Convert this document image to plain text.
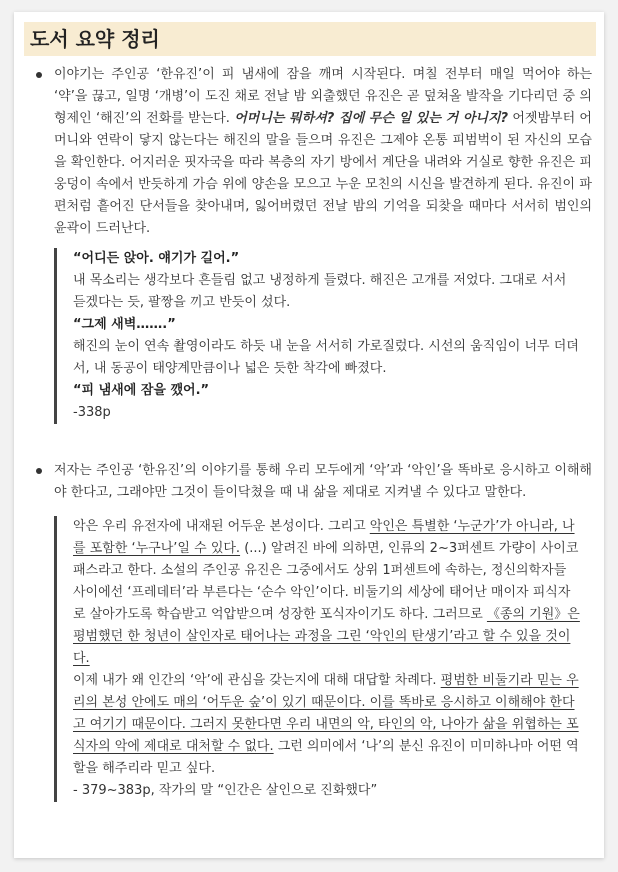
도서 요약 정리

이야기는 주인공 ‘한유진’이 피 냄새에 잠을 깨며 시작된다. 며칠 전부터 매일 먹어야 하는 ‘약’을 끊고, 일명 ‘개병’이 도진 채로 전날 밤 외출했던 유진은 곧 덮쳐올 발작을 기다리던 중 의형제인 ‘해진’의 전화를 받는다. 어머니는 뭐하셔? 집에 무슨 일 있는 거 아니지? 어젯밤부터 어머니와 연락이 닿지 않는다는 해진의 말을 들으며 유진은 그제야 온통 피범벅이 된 자신의 모습을 확인한다. 어지러운 핏자국을 따라 복층의 자기 방에서 계단을 내려와 거실로 향한 유진은 피 웅덩이 속에서 반듯하게 가슴 위에 양손을 모으고 누운 모친의 시신을 발견하게 된다. 유진이 파편처럼 흩어진 단서들을 찾아내며, 잃어버렸던 전날 밤의 기억을 되찾을 때마다 서서히 범인의 윤곽이 드러난다.

“어디든 앉아. 얘기가 길어.”

내 목소리는 생각보다 흔들림 없고 냉정하게 들렸다. 해진은 고개를 저었다. 그대로 서서 듣겠다는 듯, 팔짱을 끼고 반듯이 섰다.

“그제 새벽…….”

해진의 눈이 연속 촬영이라도 하듯 내 눈을 서서히 가로질렀다. 시선의 움직임이 너무 더뎌서, 내 동공이 태양계만큼이나 넓은 듯한 착각에 빠졌다.

“피 냄새에 잠을 깼어.”

-338p

저자는 주인공 ‘한유진’의 이야기를 통해 우리 모두에게 ‘악’과 ‘악인’을 똑바로 응시하고 이해해야 한다고, 그래야만 그것이 들이닥쳤을 때 내 삶을 제대로 지켜낼 수 있다고 말한다.

악은 우리 유전자에 내재된 어두운 본성이다. 그리고 악인은 특별한 ‘누군가’가 아니라, 나를 포함한 ‘누구나’일 수 있다. (...) 알려진 바에 의하면, 인류의 2~3퍼센트 가량이 사이코패스라고 한다. 소설의 주인공 유진은 그중에서도 상위 1퍼센트에 속하는, 정신의학자들 사이에선 ‘프레데터’라 부른다는 ‘순수 악인’이다. 비둘기의 세상에 태어난 매이자 피식자로 살아가도록 학습받고 억압받으며 성장한 포식자이기도 하다. 그러므로 《종의 기원》은 평범했던 한 청년이 살인자로 태어나는 과정을 그린 ‘악인의 탄생기’라고 할 수 있을 것이다.

이제 내가 왜 인간의 ‘악’에 관심을 갖는지에 대해 대답할 차례다. 평범한 비둘기라 믿는 우리의 본성 안에도 매의 ‘어두운 숲’이 있기 때문이다. 이를 똑바로 응시하고 이해해야 한다고 여기기 때문이다. 그러지 못한다면 우리 내면의 악, 타인의 악, 나아가 삶을 위협하는 포식자의 악에 제대로 대처할 수 없다. 그런 의미에서 ‘나’의 분신 유진이 미미하나마 어떤 역할을 해주리라 믿고 싶다.

- 379~383p, 작가의 말 “인간은 살인으로 진화했다”
